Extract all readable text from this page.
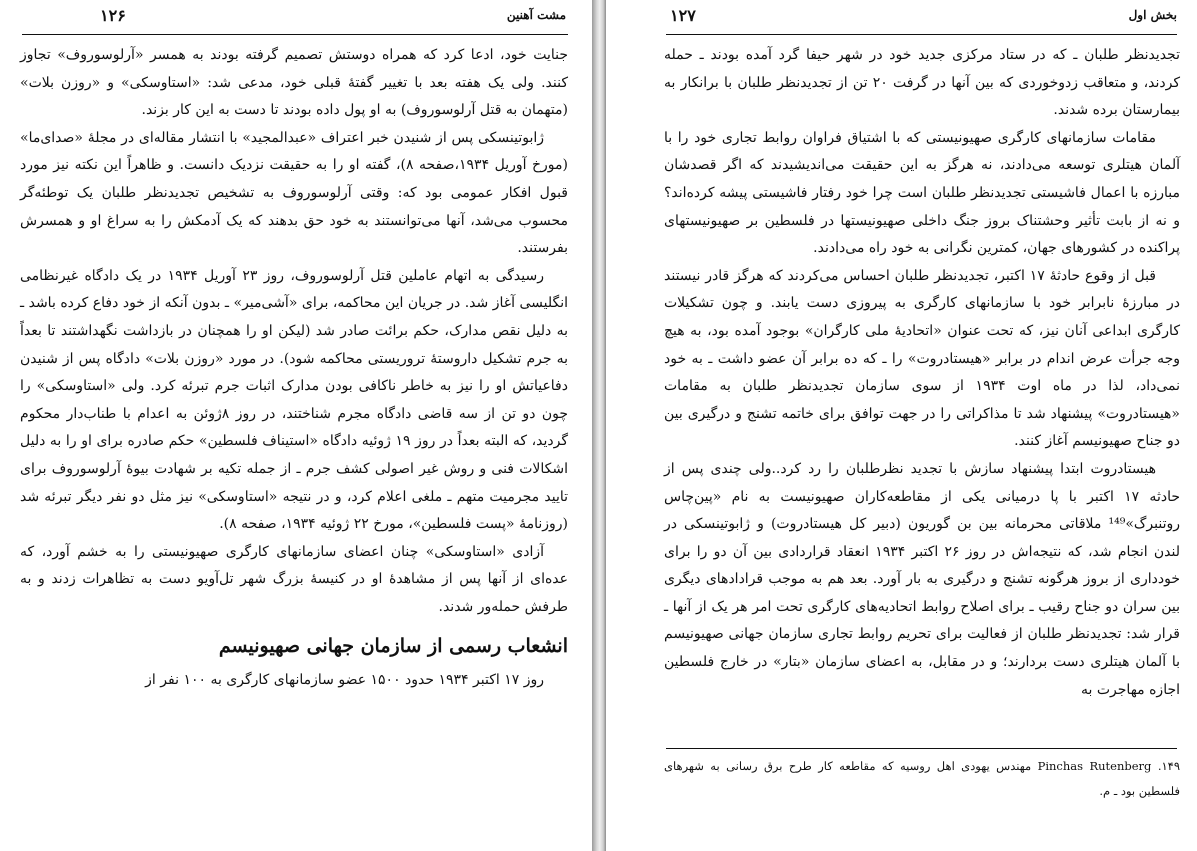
مشت آهنین
۱۲۶

جنایت خود، ادعا کرد که همراه دوستش تصمیم گرفته بودند به همسر «آرلوسوروف» تجاوز کنند. ولی یک هفته بعد با تغییر گفتهٔ قبلی خود، مدعی شد: «استاوسکی» و «روزن بلات» (متهمان به قتل آرلوسوروف) به او پول داده بودند تا دست به این کار بزند.

ژابوتینسکی پس از شنیدن خبر اعتراف «عبدالمجید» با انتشار مقاله‌ای در مجلهٔ «صدای‌ما» (مورخ آوریل ۱۹۳۴،صفحه ۸)، گفته او را به حقیقت نزدیک دانست. و ظاهراً این نکته نیز مورد قبول افکار عمومی بود که: وقتی آرلوسوروف به تشخیص تجدیدنظر طلبان یک توطئه‌گر محسوب می‌شد، آنها می‌توانستند به خود حق بدهند که یک آدمکش را به سراغ او و همسرش بفرستند.

رسیدگی به اتهام عاملین قتل آرلوسوروف، روز ۲۳ آوریل ۱۹۳۴ در یک دادگاه غیرنظامی انگلیسی آغاز شد. در جریان این محاکمه، برای «آشی‌میر» ـ بدون آنکه از خود دفاع کرده باشد ـ به دلیل نقص مدارک، حکم برائت صادر شد (لیکن او را همچنان در بازداشت نگهداشتند تا بعداً به جرم تشکیل داروستهٔ تروریستی محاکمه شود). در مورد «روزن بلات» دادگاه پس از شنیدن دفاعیاتش او را نیز به خاطر ناکافی بودن مدارک اثبات جرم تبرئه کرد. ولی «استاوسکی» را چون دو تن از سه قاضی دادگاه مجرم شناختند، در روز ۸ژوئن به اعدام با طناب‌دار محکوم گردید، که البته بعداً در روز ۱۹ ژوئیه دادگاه «استیناف فلسطین» حکم صادره برای او را به دلیل اشکالات فنی و روش غیر اصولی کشف جرم ـ از جمله تکیه بر شهادت بیوهٔ آرلوسوروف برای تایید مجرمیت متهم ـ ملغی اعلام کرد، و در نتیجه «استاوسکی» نیز مثل دو نفر دیگر تبرئه شد (روزنامهٔ «پست فلسطین»، مورخ ۲۲ ژوئیه ۱۹۳۴، صفحه ۸).

آزادی «استاوسکی» چنان اعضای سازمانهای کارگری صهیونیستی را به خشم آورد، که عده‌ای از آنها پس از مشاهدهٔ او در کنیسهٔ بزرگ شهر تل‌آویو دست به تظاهرات زدند و به طرفش حمله‌ور شدند.

انشعاب رسمی از سازمان جهانی صهیونیسم

روز ۱۷ اکتبر ۱۹۳۴ حدود ۱۵۰۰ عضو سازمانهای کارگری به ۱۰۰ نفر از

بخش اول
۱۲۷

تجدیدنظر طلبان ـ که در ستاد مرکزی جدید خود در شهر حیفا گرد آمده بودند ـ حمله کردند، و متعاقب زدوخوردی که بین آنها در گرفت ۲۰ تن از تجدیدنظر طلبان با برانکار به بیمارستان برده شدند.

مقامات سازمانهای کارگری صهیونیستی که با اشتیاق فراوان روابط تجاری خود را با آلمان هیتلری توسعه می‌دادند، نه هرگز به این حقیقت می‌اندیشیدند که اگر قصدشان مبارزه با اعمال فاشیستی تجدیدنظر طلبان است چرا خود رفتار فاشیستی پیشه کرده‌اند؟ و نه از بابت تأثیر وحشتناک بروز جنگ داخلی صهیونیستها در فلسطین بر صهیونیستهای پراکنده در کشورهای جهان، کمترین نگرانی به خود راه می‌دادند.

قبل از وقوع حادثهٔ ۱۷ اکتبر، تجدیدنظر طلبان احساس می‌کردند که هرگز قادر نیستند در مبارزهٔ نابرابر خود با سازمانهای کارگری به پیروزی دست یابند. و چون تشکیلات کارگری ابداعی آنان نیز، که تحت عنوان «اتحادیهٔ ملی کارگران» بوجود آمده بود، به هیچ وجه جرأت عرض اندام در برابر «هیستادروت» را ـ که ده برابر آن عضو داشت ـ به خود نمی‌داد، لذا در ماه اوت ۱۹۳۴ از سوی سازمان تجدیدنظر طلبان به مقامات «هیستادروت» پیشنهاد شد تا مذاکراتی را در جهت توافق برای خاتمه تشنج و درگیری بین دو جناح صهیونیسم آغاز کنند.

هیستادروت ابتدا پیشنهاد سازش با تجدید نظرطلبان را رد کرد..ولی چندی پس از حادثه ۱۷ اکتبر با پا درمیانی یکی از مقاطعه‌کاران صهیونیست به نام «پین‌چاس روتنبرگ»¹⁴⁹ ملاقاتی محرمانه بین بن گوریون (دبیر کل هیستادروت) و ژابوتینسکی در لندن انجام شد، که نتیجه‌اش در روز ۲۶ اکتبر ۱۹۳۴ انعقاد قراردادی بین آن دو را برای خودداری از بروز هرگونه تشنج و درگیری به بار آورد. بعد هم به موجب قرادادهای دیگری بین سران دو جناح رقیب ـ برای اصلاح روابط اتحادیه‌های کارگری تحت امر هر یک از آنها ـ قرار شد: تجدیدنظر طلبان از فعالیت برای تحریم روابط تجاری سازمان جهانی صهیونیسم با آلمان هیتلری دست بردارند؛ و در مقابل، به اعضای سازمان «بتار» در خارج فلسطین اجازه مهاجرت به

۱۴۹. Pinchas Rutenberg مهندس یهودی اهل روسیه که مقاطعه کار طرح برق رسانی به شهرهای فلسطین بود ـ م.
